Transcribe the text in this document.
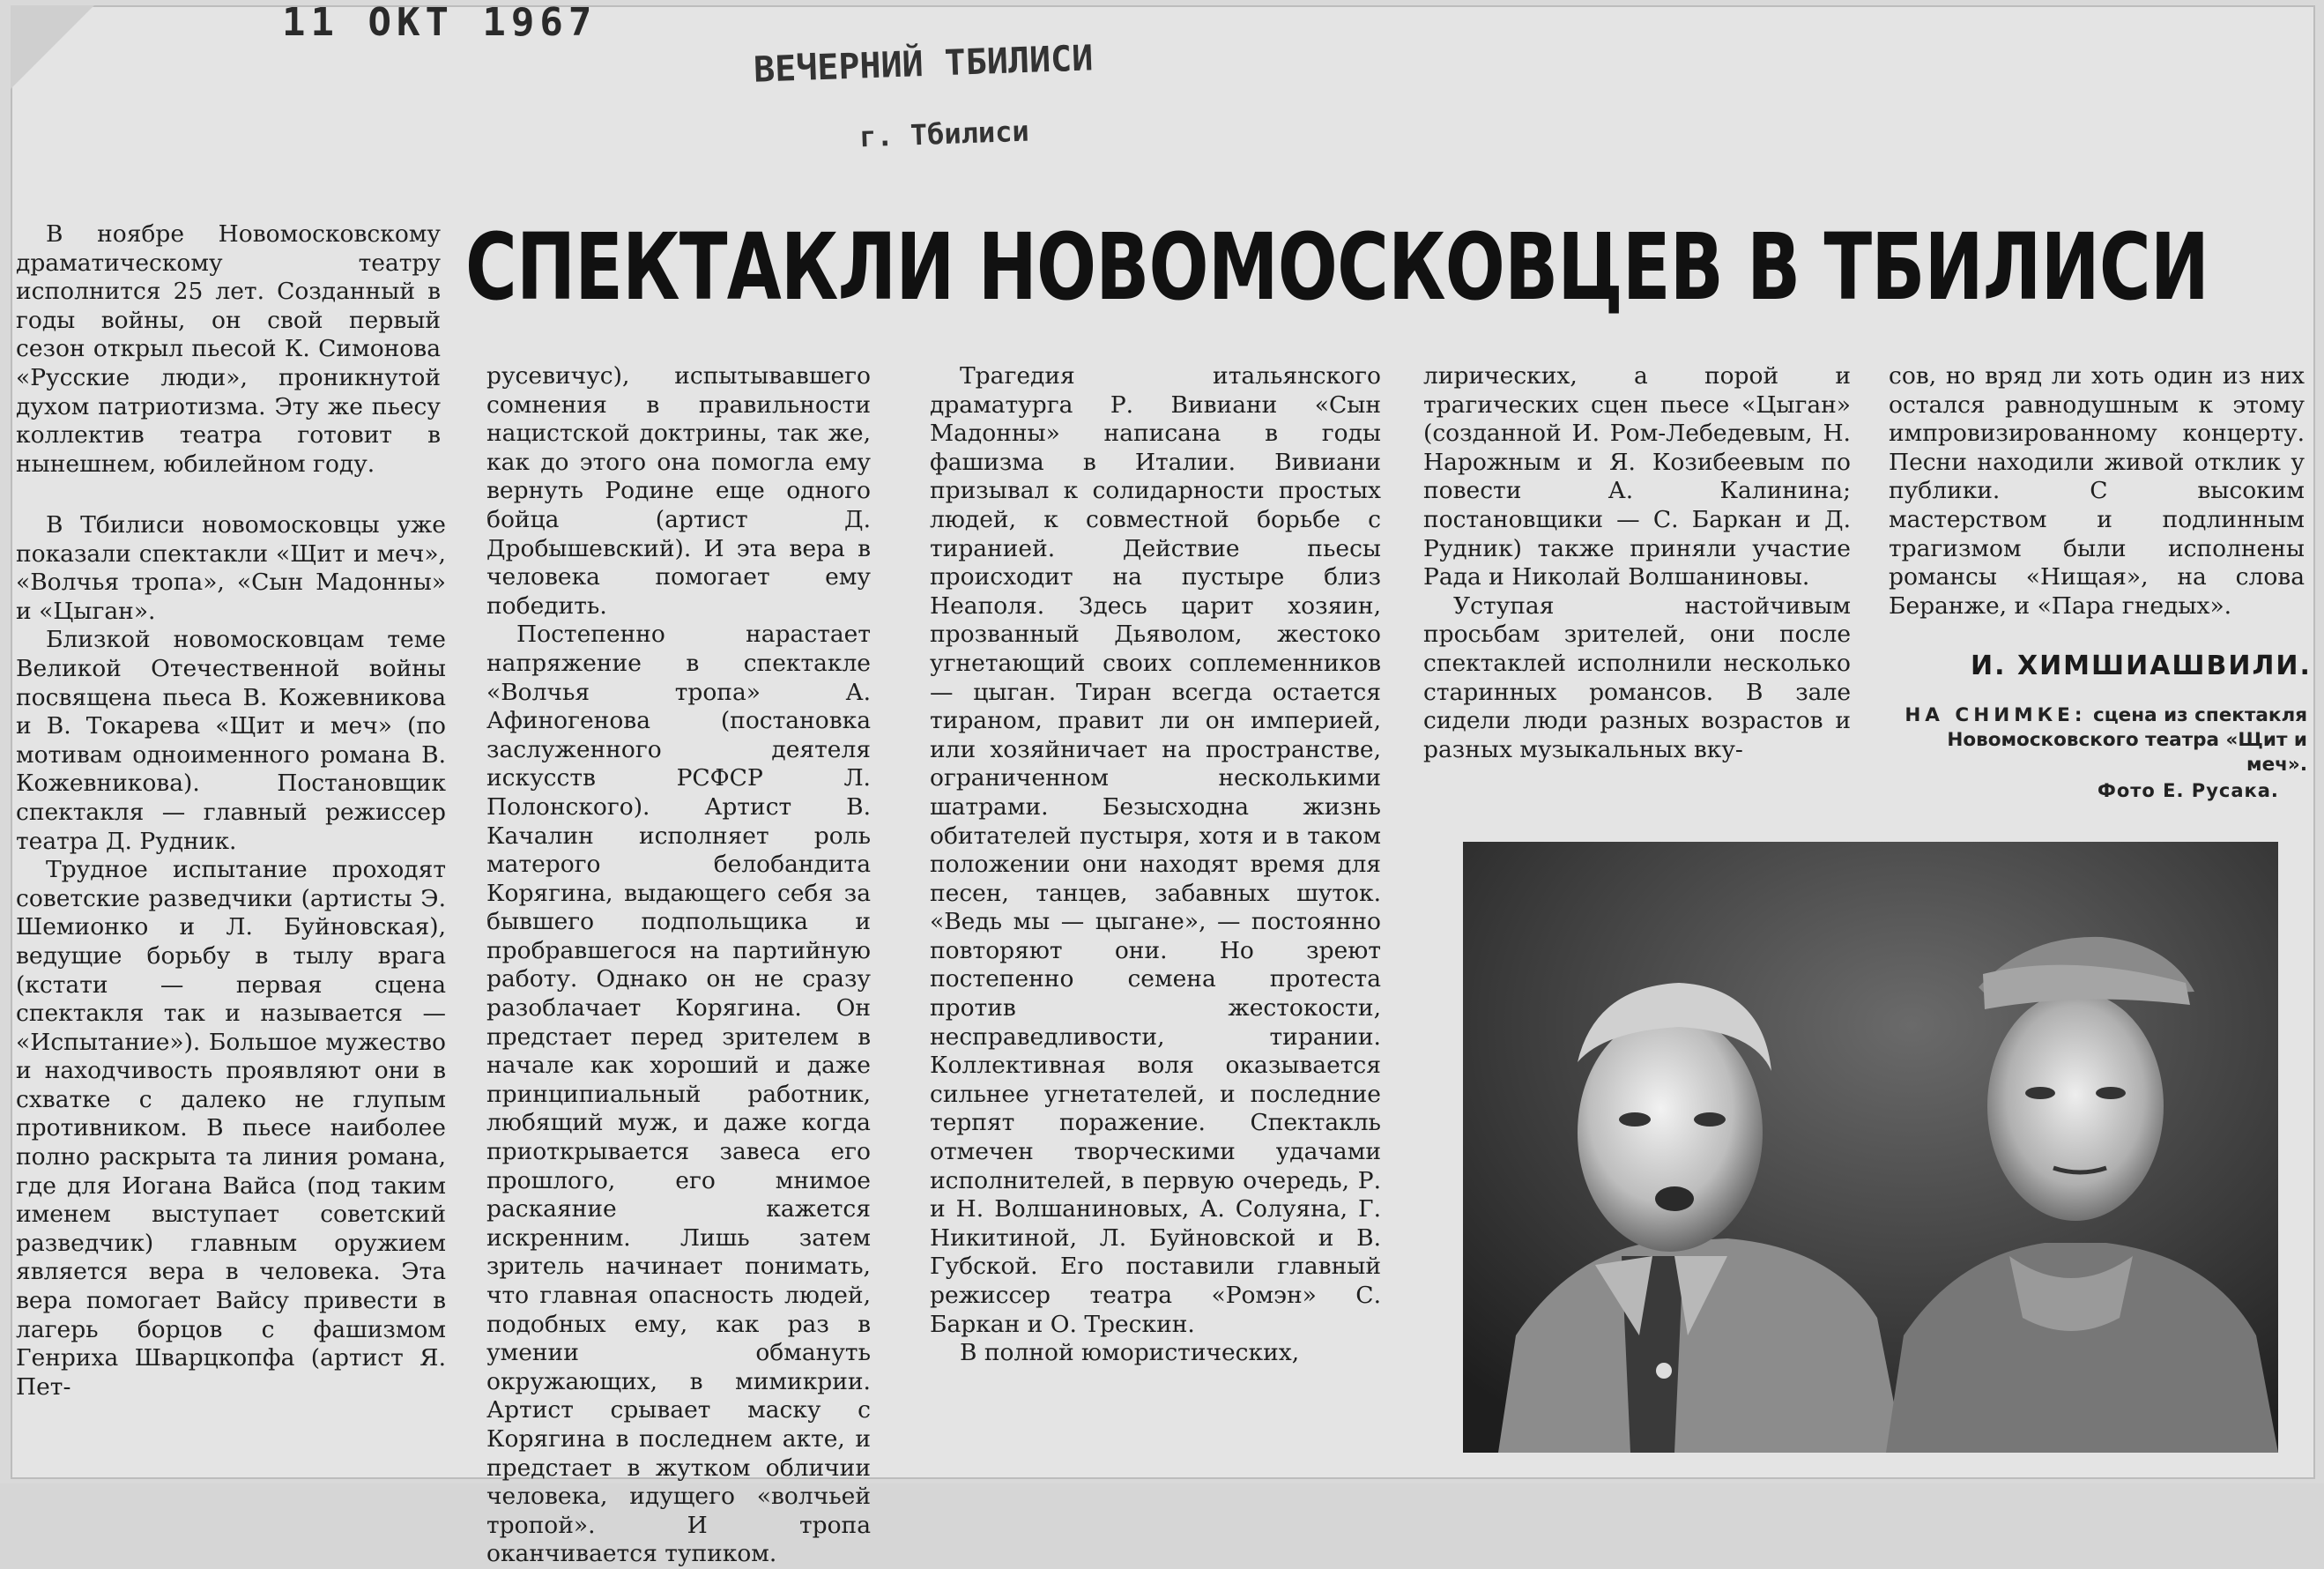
11 ОКТ 1967
ВЕЧЕРНИЙ ТБИЛИСИ
г. Тбилиси
СПЕКТАКЛИ НОВОМОСКОВЦЕВ В ТБИЛИСИ

В ноябре Новомосковскому драматическому театру исполнится 25 лет. Созданный в годы войны, он свой первый сезон открыл пьесой К. Симонова «Русские люди», проникнутой духом патриотизма. Эту же пьесу коллектив театра готовит в нынешнем, юбилейном году.

В Тбилиси новомосковцы уже показали спектакли «Щит и меч», «Волчья тропа», «Сын Мадонны» и «Цыган».

Близкой новомосковцам теме Великой Отечественной войны посвящена пьеса В. Кожевникова и В. Токарева «Щит и меч» (по мотивам одноименного романа В. Кожевникова). Постановщик спектакля — главный режиссер театра Д. Рудник.

Трудное испытание проходят советские разведчики (артисты Э. Шемионко и Л. Буйновская), ведущие борьбу в тылу врага (кстати — первая сцена спектакля так и называется — «Испытание»). Большое мужество и находчивость проявляют они в схватке с далеко не глупым противником. В пьесе наиболее полно раскрыта та линия романа, где для Иогана Вайса (под таким именем выступает советский разведчик) главным оружием является вера в человека. Эта вера помогает Вайсу привести в лагерь борцов с фашизмом Генриха Шварцкопфа (артист Я. Пет-

русевичус), испытывавшего сомнения в правильности нацистской доктрины, так же, как до этого она помогла ему вернуть Родине еще одного бойца (артист Д. Дробышевский). И эта вера в человека помогает ему победить.

Постепенно нарастает напряжение в спектакле «Волчья тропа» А. Афиногенова (постановка заслуженного деятеля искусств РСФСР Л. Полонского). Артист В. Качалин исполняет роль матерого белобандита Корягина, выдающего себя за бывшего подпольщика и пробравшегося на партийную работу. Однако он не сразу разоблачает Корягина. Он предстает перед зрителем в начале как хороший и даже принципиальный работник, любящий муж, и даже когда приоткрывается завеса его прошлого, его мнимое раскаяние кажется искренним. Лишь затем зритель начинает понимать, что главная опасность людей, подобных ему, как раз в умении обмануть окружающих, в мимикрии. Артист срывает маску с Корягина в последнем акте, и предстает в жутком обличии человека, идущего «волчьей тропой». И тропа оканчивается тупиком.

Трагедия итальянского драматурга Р. Вивиани «Сын Мадонны» написана в годы фашизма в Италии. Вивиани призывал к солидарности простых людей, к совместной борьбе с тиранией. Действие пьесы происходит на пустыре близ Неаполя. Здесь царит хозяин, прозванный Дьяволом, жестоко угнетающий своих соплеменников — цыган. Тиран всегда остается тираном, правит ли он империей, или хозяйничает на пространстве, ограниченном несколькими шатрами. Безысходна жизнь обитателей пустыря, хотя и в таком положении они находят время для песен, танцев, забавных шуток. «Ведь мы — цыгане», — постоянно повторяют они. Но зреют постепенно семена протеста против жестокости, несправедливости, тирании. Коллективная воля оказывается сильнее угнетателей, и последние терпят поражение. Спектакль отмечен творческими удачами исполнителей, в первую очередь, Р. и Н. Волшаниновых, А. Солуяна, Г. Никитиной, Л. Буйновской и В. Губской. Его поставили главный режиссер театра «Ромэн» С. Баркан и О. Трескин.

В полной юмористических,

лирических, а порой и трагических сцен пьесе «Цыган» (созданной И. Ром-Лебедевым, Н. Нарожным и Я. Козибеевым по повести А. Калинина; постановщики — С. Баркан и Д. Рудник) также приняли участие Рада и Николай Волшаниновы.

Уступая настойчивым просьбам зрителей, они после спектаклей исполнили несколько старинных романсов. В зале сидели люди разных возрастов и разных музыкальных вку-

сов, но вряд ли хоть один из них остался равнодушным к этому импровизированному концерту. Песни находили живой отклик у публики. С высоким мастерством и подлинным трагизмом были исполнены романсы «Нищая», на слова Беранже, и «Пара гнедых».

И. ХИМШИАШВИЛИ.
НА СНИМКЕ: сцена из спектакля Новомосковского театра «Щит и меч».
Фото Е. Русака.
